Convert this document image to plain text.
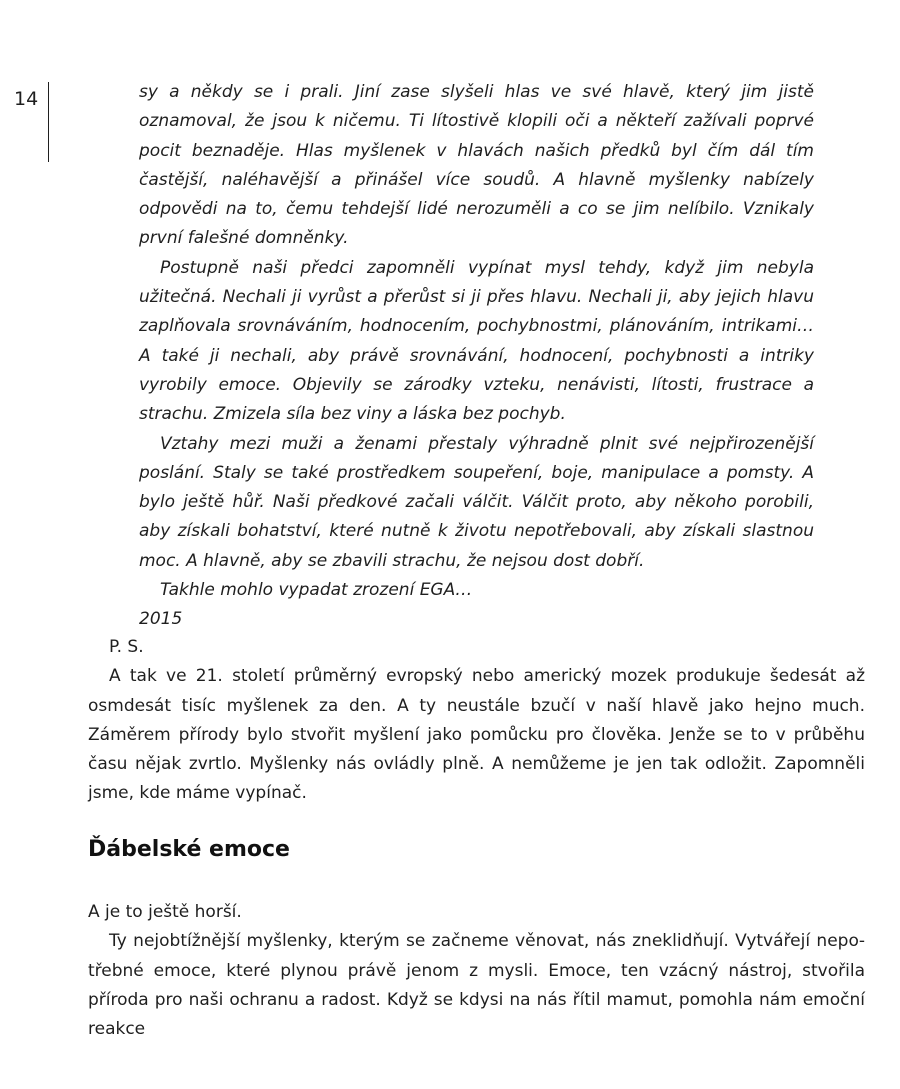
14	sy a někdy se i prali. Jiní zase slyšeli hlas ve své hlavě, který jim jistě oznamoval, že jsou k ničemu. Ti lítostivě klopili oči a někteří zažívali poprvé pocit beznaděje. Hlas myšlenek v hlavách našich předků byl čím dál tím častější, naléhavější a přinášel více soudů. A hlavně myšlenky nabízely odpovědi na to, čemu tehdejší lidé nerozuměli a co se jim nelíbilo. Vznikaly první falešné domněnky.

Postupně naši předci zapomněli vypínat mysl tehdy, když jim nebyla užitečná. Nechali ji vyrůst a přerůst si ji přes hlavu. Nechali ji, aby jejich hlavu zaplňovala srovnáváním, hodnocením, pochybnostmi, plánováním, intrikami… A také ji nechali, aby právě srovnávání, hodnocení, pochybnosti a intriky vyrobily emoce. Objevily se zárodky vzteku, nenávisti, lítosti, frustrace a strachu. Zmizela síla bez viny a láska bez pochyb.

Vztahy mezi muži a ženami přestaly výhradně plnit své nejpřirozenější poslání. Staly se také prostředkem soupeření, boje, manipulace a pomsty. A bylo ještě hůř. Naši předkové začali válčit. Válčit proto, aby někoho porobili, aby získali bohatství, které nutně k životu nepotřebovali, aby získali slastnou moc. A hlavně, aby se zbavili strachu, že nejsou dost dobří.

Takhle mohlo vypadat zrození EGA…

2015

P. S.

A tak ve 21. století průměrný evropský nebo americký mozek produkuje šedesát až osmdesát tisíc myšlenek za den. A ty neustále bzučí v naší hlavě jako hejno much. Záměrem přírody bylo stvořit myšlení jako pomůcku pro člověka. Jenže se to v průběhu času nějak zvrtlo. Myšlenky nás ovládly plně. A nemůžeme je jen tak odložit. Zapomněli jsme, kde máme vypínač.

Ďábelské emoce

A je to ještě horší.

Ty nejobtížnější myšlenky, kterým se začneme věnovat, nás zneklidňují. Vytvářejí nepotřebné emoce, které plynou právě jenom z mysli. Emoce, ten vzácný nástroj, stvořila příroda pro naši ochranu a radost. Když se kdysi na nás řítil mamut, pomohla nám emoční reakce
